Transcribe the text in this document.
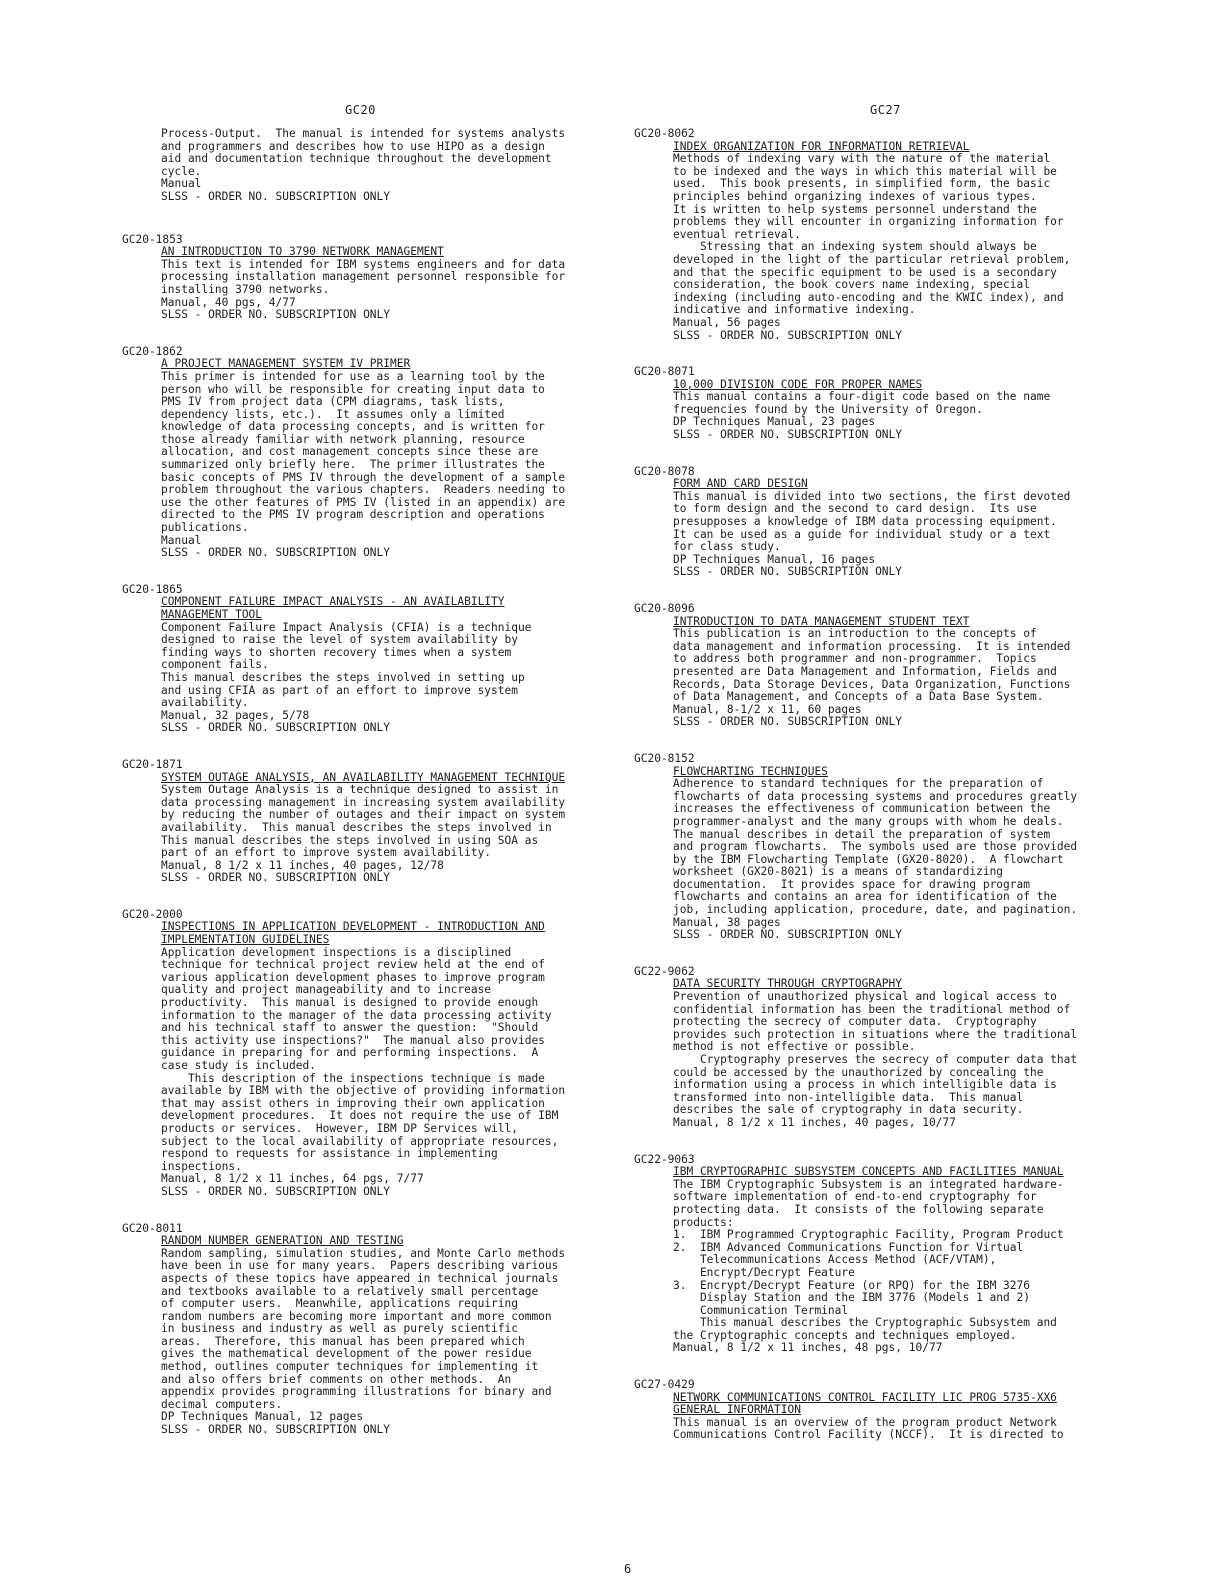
GC20	GC27
Process-Output.  The manual is intended for systems analysts
and programmers and describes how to use HIPO as a design
aid and documentation technique throughout the development
cycle.
Manual
SLSS - ORDER NO. SUBSCRIPTION ONLY
GC20-1853
AN INTRODUCTION TO 3790 NETWORK MANAGEMENT
This text is intended for IBM systems engineers and for data
processing installation management personnel responsible for
installing 3790 networks.
Manual, 40 pgs, 4/77
SLSS - ORDER NO. SUBSCRIPTION ONLY
GC20-1862
A PROJECT MANAGEMENT SYSTEM IV PRIMER
This primer is intended for use as a learning tool by the
person who will be responsible for creating input data to
PMS IV from project data (CPM diagrams, task lists,
dependency lists, etc.).  It assumes only a limited
knowledge of data processing concepts, and is written for
those already familiar with network planning, resource
allocation, and cost management concepts since these are
summarized only briefly here.  The primer illustrates the
basic concepts of PMS IV through the development of a sample
problem throughout the various chapters.  Readers needing to
use the other features of PMS IV (listed in an appendix) are
directed to the PMS IV program description and operations
publications.
Manual
SLSS - ORDER NO. SUBSCRIPTION ONLY
GC20-1865
COMPONENT FAILURE IMPACT ANALYSIS - AN AVAILABILITY
MANAGEMENT TOOL
Component Failure Impact Analysis (CFIA) is a technique
designed to raise the level of system availability by
finding ways to shorten recovery times when a system
component fails.
This manual describes the steps involved in setting up
and using CFIA as part of an effort to improve system
availability.
Manual, 32 pages, 5/78
SLSS - ORDER NO. SUBSCRIPTION ONLY
GC20-1871
SYSTEM OUTAGE ANALYSIS, AN AVAILABILITY MANAGEMENT TECHNIQUE
System Outage Analysis is a technique designed to assist in
data processing management in increasing system availability
by reducing the number of outages and their impact on system
availability.  This manual describes the steps involved in
This manual describes the steps involved in using SOA as
part of an effort to improve system availability.
Manual, 8 1/2 x 11 inches, 40 pages, 12/78
SLSS - ORDER NO. SUBSCRIPTION ONLY
GC20-2000
INSPECTIONS IN APPLICATION DEVELOPMENT - INTRODUCTION AND
IMPLEMENTATION GUIDELINES
Application development inspections is a disciplined
technique for technical project review held at the end of
various application development phases to improve program
quality and project manageability and to increase
productivity.  This manual is designed to provide enough
information to the manager of the data processing activity
and his technical staff to answer the question:  "Should
this activity use inspections?"  The manual also provides
guidance in preparing for and performing inspections.  A
case study is included.
This description of the inspections technique is made
available by IBM with the objective of providing information
that may assist others in improving their own application
development procedures.  It does not require the use of IBM
products or services.  However, IBM DP Services will,
subject to the local availability of appropriate resources,
respond to requests for assistance in implementing
inspections.
Manual, 8 1/2 x 11 inches, 64 pgs, 7/77
SLSS - ORDER NO. SUBSCRIPTION ONLY
GC20-8011
RANDOM NUMBER GENERATION AND TESTING
Random sampling, simulation studies, and Monte Carlo methods
have been in use for many years.  Papers describing various
aspects of these topics have appeared in technical journals
and textbooks available to a relatively small percentage
of computer users.  Meanwhile, applications requiring
random numbers are becoming more important and more common
in business and industry as well as purely scientific
areas.  Therefore, this manual has been prepared which
gives the mathematical development of the power residue
method, outlines computer techniques for implementing it
and also offers brief comments on other methods.  An
appendix provides programming illustrations for binary and
decimal computers.
DP Techniques Manual, 12 pages
SLSS - ORDER NO. SUBSCRIPTION ONLY
GC20-8062
INDEX ORGANIZATION FOR INFORMATION RETRIEVAL
Methods of indexing vary with the nature of the material
to be indexed and the ways in which this material will be
used.  This book presents, in simplified form, the basic
principles behind organizing indexes of various types.
It is written to help systems personnel understand the
problems they will encounter in organizing information for
eventual retrieval.
Stressing that an indexing system should always be
developed in the light of the particular retrieval problem,
and that the specific equipment to be used is a secondary
consideration, the book covers name indexing, special
indexing (including auto-encoding and the KWIC index), and
indicative and informative indexing.
Manual, 56 pages
SLSS - ORDER NO. SUBSCRIPTION ONLY
GC20-8071
10,000 DIVISION CODE FOR PROPER NAMES
This manual contains a four-digit code based on the name
frequencies found by the University of Oregon.
DP Techniques Manual, 23 pages
SLSS - ORDER NO. SUBSCRIPTION ONLY
GC20-8078
FORM AND CARD DESIGN
This manual is divided into two sections, the first devoted
to form design and the second to card design.  Its use
presupposes a knowledge of IBM data processing equipment.
It can be used as a guide for individual study or a text
for class study.
DP Techniques Manual, 16 pages
SLSS - ORDER NO. SUBSCRIPTION ONLY
GC20-8096
INTRODUCTION TO DATA MANAGEMENT STUDENT TEXT
This publication is an introduction to the concepts of
data management and information processing.  It is intended
to address both programmer and non-programmer.  Topics
presented are Data Management and Information, Fields and
Records, Data Storage Devices, Data Organization, Functions
of Data Management, and Concepts of a Data Base System.
Manual, 8-1/2 x 11, 60 pages
SLSS - ORDER NO. SUBSCRIPTION ONLY
GC20-8152
FLOWCHARTING TECHNIQUES
Adherence to standard techniques for the preparation of
flowcharts of data processing systems and procedures greatly
increases the effectiveness of communication between the
programmer-analyst and the many groups with whom he deals.
The manual describes in detail the preparation of system
and program flowcharts.  The symbols used are those provided
by the IBM Flowcharting Template (GX20-8020).  A flowchart
worksheet (GX20-8021) is a means of standardizing
documentation.  It provides space for drawing program
flowcharts and contains an area for identification of the
job, including application, procedure, date, and pagination.
Manual, 38 pages
SLSS - ORDER NO. SUBSCRIPTION ONLY
GC22-9062
DATA SECURITY THROUGH CRYPTOGRAPHY
Prevention of unauthorized physical and logical access to
confidential information has been the traditional method of
protecting the secrecy of computer data.  Cryptography
provides such protection in situations where the traditional
method is not effective or possible.
Cryptography preserves the secrecy of computer data that
could be accessed by the unauthorized by concealing the
information using a process in which intelligible data is
transformed into non-intelligible data.  This manual
describes the sale of cryptography in data security.
Manual, 8 1/2 x 11 inches, 40 pages, 10/77
GC22-9063
IBM CRYPTOGRAPHIC SUBSYSTEM CONCEPTS AND FACILITIES MANUAL
The IBM Cryptographic Subsystem is an integrated hardware-
software implementation of end-to-end cryptography for
protecting data.  It consists of the following separate
products:
1.  IBM Programmed Cryptographic Facility, Program Product
2.  IBM Advanced Communications Function for Virtual
Telecommunications Access Method (ACF/VTAM),
Encrypt/Decrypt Feature
3.  Encrypt/Decrypt Feature (or RPQ) for the IBM 3276
Display Station and the IBM 3776 (Models 1 and 2)
Communication Terminal
This manual describes the Cryptographic Subsystem and
the Cryptographic concepts and techniques employed.
Manual, 8 1/2 x 11 inches, 48 pgs, 10/77
GC27-0429
NETWORK COMMUNICATIONS CONTROL FACILITY LIC PROG 5735-XX6
GENERAL INFORMATION
This manual is an overview of the program product Network
Communications Control Facility (NCCF).  It is directed to
6
